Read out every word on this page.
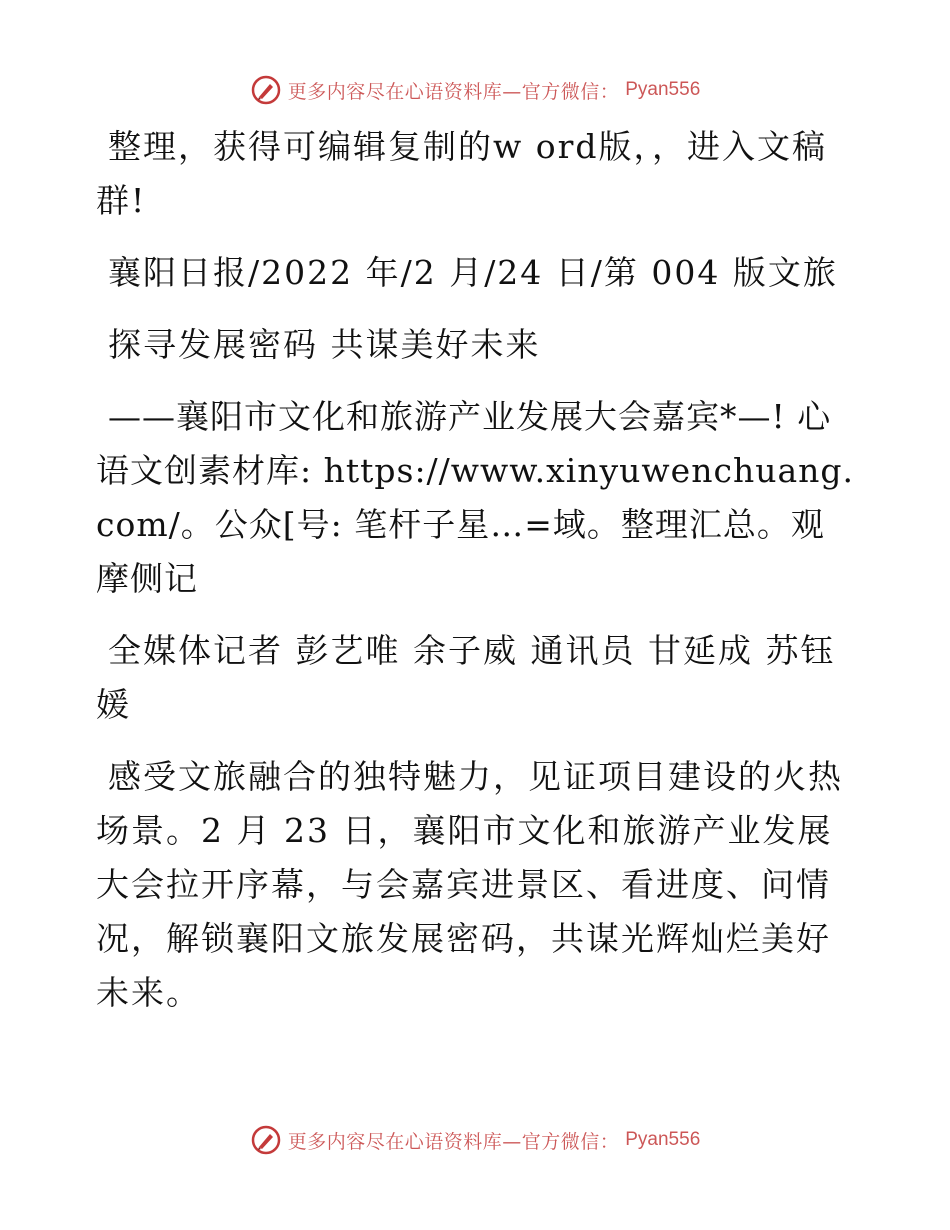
更多内容尽在心语资料库—官方微信： Pyan556

整理，获得可编辑复制的w ord版，，进入文稿群!

襄阳日报/2022 年/2 月/24 日/第 004 版文旅

探寻发展密码 共谋美好未来

——襄阳市文化和旅游产业发展大会嘉宾*—! 心语文创素材库: https://www.xinyuwenchuang.com/。公众[号: 笔杆子星…=域。整理汇总。观摩侧记

全媒体记者 彭艺唯 余子威 通讯员 甘延成 苏钰媛

感受文旅融合的独特魅力，见证项目建设的火热场景。2 月 23 日，襄阳市文化和旅游产业发展大会拉开序幕，与会嘉宾进景区、看进度、问情况，解锁襄阳文旅发展密码，共谋光辉灿烂美好未来。

更多内容尽在心语资料库—官方微信： Pyan556
